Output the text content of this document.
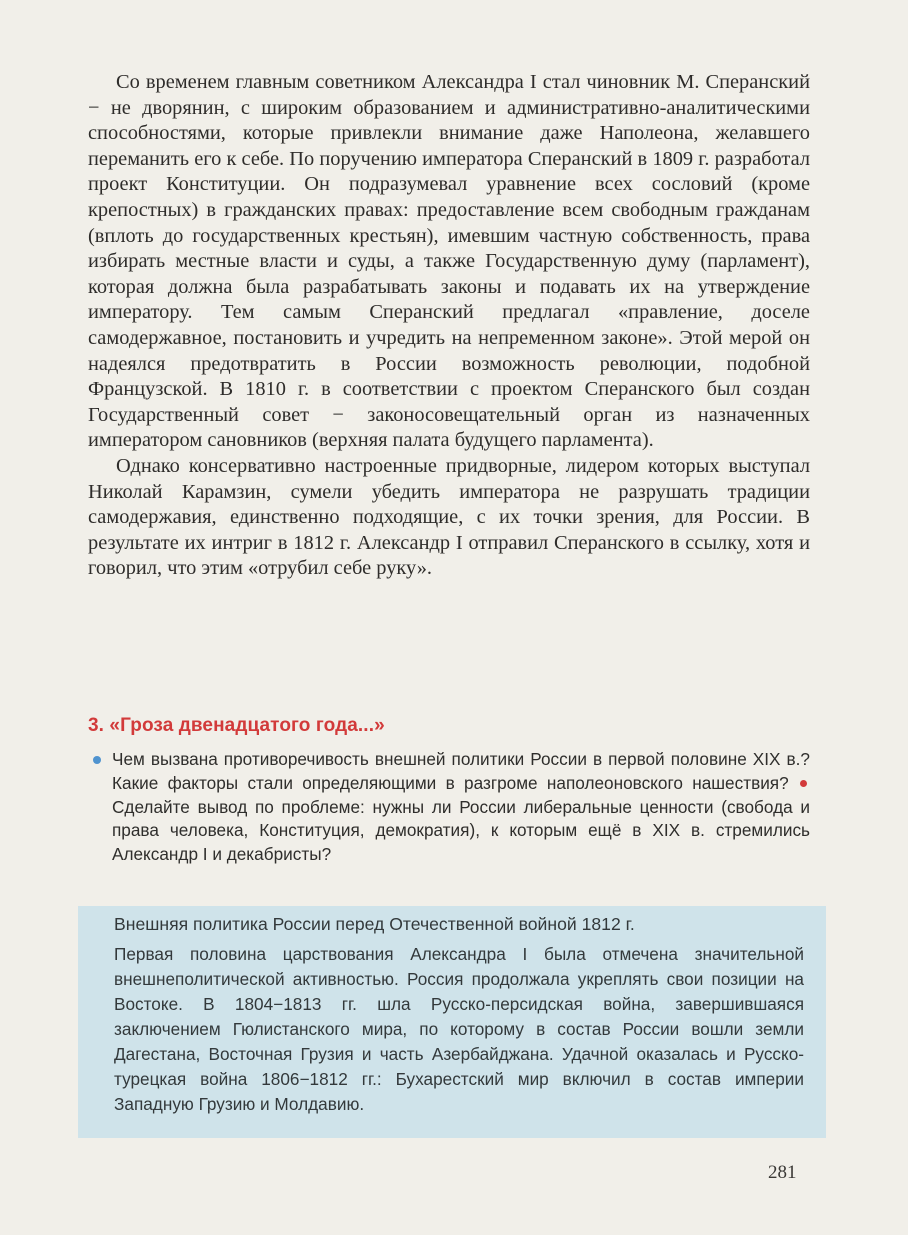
Со временем главным советником Александра I стал чиновник М. Сперанский − не дворянин, с широким образованием и административно-аналитическими способностями, которые привлекли внимание даже Наполеона, желавшего переманить его к себе. По поручению императора Сперанский в 1809 г. разработал проект Конституции. Он подразумевал уравнение всех сословий (кроме крепостных) в гражданских правах: предоставление всем свободным гражданам (вплоть до государственных крестьян), имевшим частную собственность, права избирать местные власти и суды, а также Государственную думу (парламент), которая должна была разрабатывать законы и подавать их на утверждение императору. Тем самым Сперанский предлагал «правление, доселе самодержавное, постановить и учредить на непременном законе». Этой мерой он надеялся предотвратить в России возможность революции, подобной Французской. В 1810 г. в соответствии с проектом Сперанского был создан Государственный совет − законосовещательный орган из назначенных императором сановников (верхняя палата будущего парламента).

Однако консервативно настроенные придворные, лидером которых выступал Николай Карамзин, сумели убедить императора не разрушать традиции самодержавия, единственно подходящие, с их точки зрения, для России. В результате их интриг в 1812 г. Александр I отправил Сперанского в ссылку, хотя и говорил, что этим «отрубил себе руку».

3. «Гроза двенадцатого года...»
Чем вызвана противоречивость внешней политики России в первой половине XIX в.? Какие факторы стали определяющими в разгроме наполеоновского нашествия? Сделайте вывод по проблеме: нужны ли России либеральные ценности (свобода и права человека, Конституция, демократия), к которым ещё в XIX в. стремились Александр I и декабристы?
Внешняя политика России перед Отечественной войной 1812 г.
Первая половина царствования Александра I была отмечена значительной внешнеполитической активностью. Россия продолжала укреплять свои позиции на Востоке. В 1804−1813 гг. шла Русско-персидская война, завершившаяся заключением Гюлистанского мира, по которому в состав России вошли земли Дагестана, Восточная Грузия и часть Азербайджана. Удачной оказалась и Русско-турецкая война 1806−1812 гг.: Бухарестский мир включил в состав империи Западную Грузию и Молдавию.
281
